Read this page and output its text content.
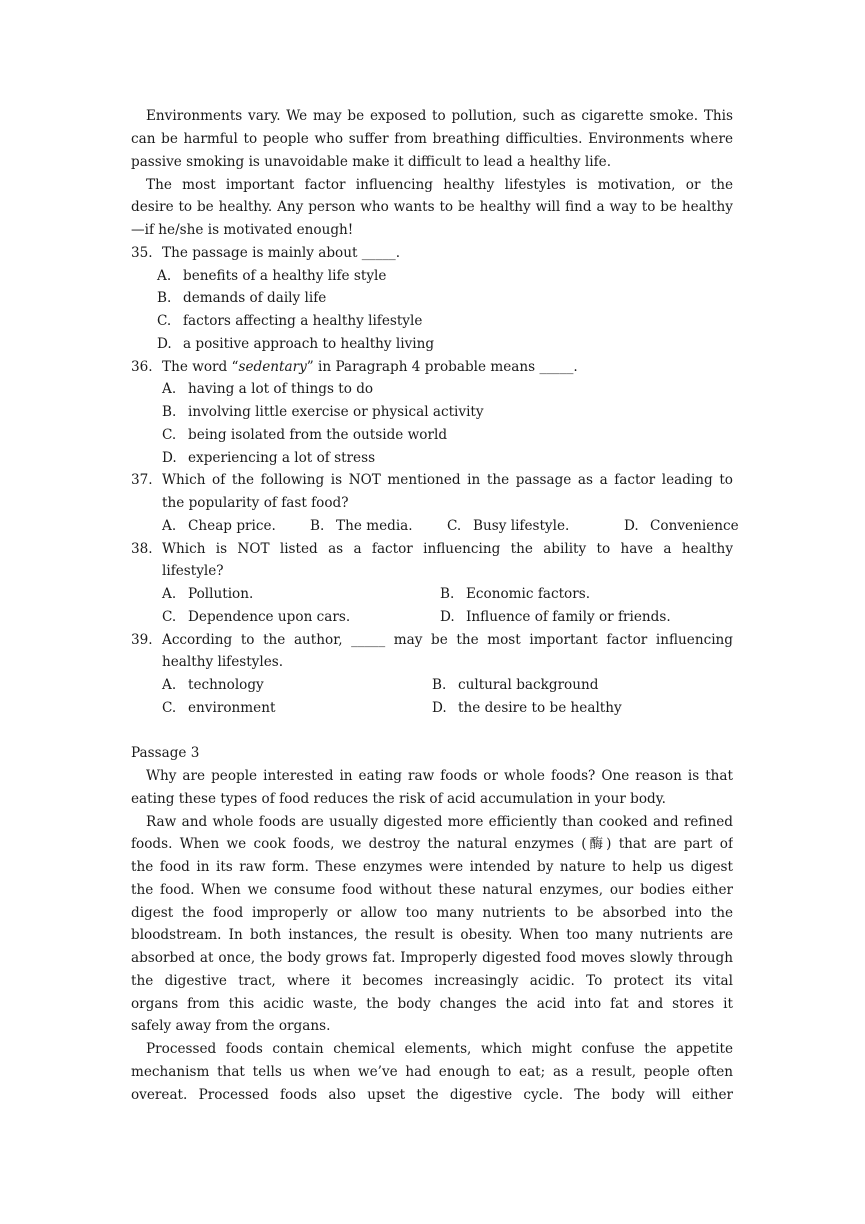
Environments vary. We may be exposed to pollution, such as cigarette smoke. This
can be harmful to people who suffer from breathing difficulties. Environments where
passive smoking is unavoidable make it difficult to lead a healthy life.
The most important factor influencing healthy lifestyles is motivation, or the
desire to be healthy. Any person who wants to be healthy will find a way to be healthy
—if he/she is motivated enough!
35. The passage is mainly about _____.
A. benefits of a healthy life style
B. demands of daily life
C. factors affecting a healthy lifestyle
D. a positive approach to healthy living
36. The word “sedentary” in Paragraph 4 probable means _____.
A. having a lot of things to do
B. involving little exercise or physical activity
C. being isolated from the outside world
D. experiencing a lot of stress
37. Which of the following is NOT mentioned in the passage as a factor leading to
the popularity of fast food?
A. Cheap price.	B. The media.	C. Busy lifestyle.	D. Convenience
38. Which is NOT listed as a factor influencing the ability to have a healthy
lifestyle?
A. Pollution.	B. Economic factors.
C. Dependence upon cars.	D. Influence of family or friends.
39. According to the author, _____ may be the most important factor influencing
healthy lifestyles.
A. technology	B. cultural background
C. environment	D. the desire to be healthy
Passage 3
Why are people interested in eating raw foods or whole foods? One reason is that
eating these types of food reduces the risk of acid accumulation in your body.
Raw and whole foods are usually digested more efficiently than cooked and refined
foods. When we cook foods, we destroy the natural enzymes (酶) that are part of
the food in its raw form. These enzymes were intended by nature to help us digest
the food. When we consume food without these natural enzymes, our bodies either
digest the food improperly or allow too many nutrients to be absorbed into the
bloodstream. In both instances, the result is obesity. When too many nutrients are
absorbed at once, the body grows fat. Improperly digested food moves slowly through
the digestive tract, where it becomes increasingly acidic. To protect its vital
organs from this acidic waste, the body changes the acid into fat and stores it
safely away from the organs.
Processed foods contain chemical elements, which might confuse the appetite
mechanism that tells us when we’ve had enough to eat; as a result, people often
overeat. Processed foods also upset the digestive cycle. The body will either
